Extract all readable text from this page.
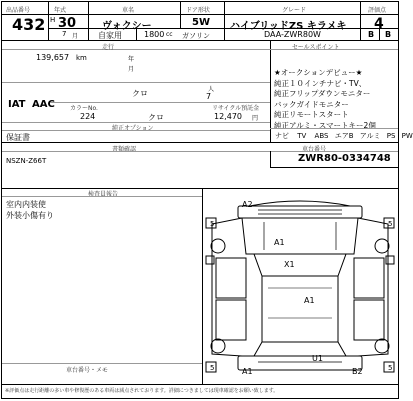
出品番号
432
年式
H 30
車名
ヴォクシー
ドア形状
5W
グレード
ハイブリッドZS キラメキ
評価点
4
7 月 自家用	1800 cc ガソリン	DAA-ZWR80W	B B
走行	セールスポイント
139,657 km	年
月
人
クロ	7
IAT AAC	カラーNo.	リサイクル預託金
224	クロ	12,470 円
純正オプション
保証書
★オークションデビュー★
純正１０インチナビ・TV、
純正フリップダウンモニター
バックガイドモニター
純正リモートスタート
純正アルミ・スマートキー2個
ナビ TV ABS エアB アルミ PS PW
書類確認	車台番号
NSZN-Z66T	ZWR80-0334748
検査員報告
室内内装使
外装小傷有り
車台番号・メモ
5	5
5	5
A2
A1
X1
A1
U1
A1	B2
※評価点は走行距離の多い車や修復歴のある車両は減点されております。詳細につきましては現車確認をお願い致します。
